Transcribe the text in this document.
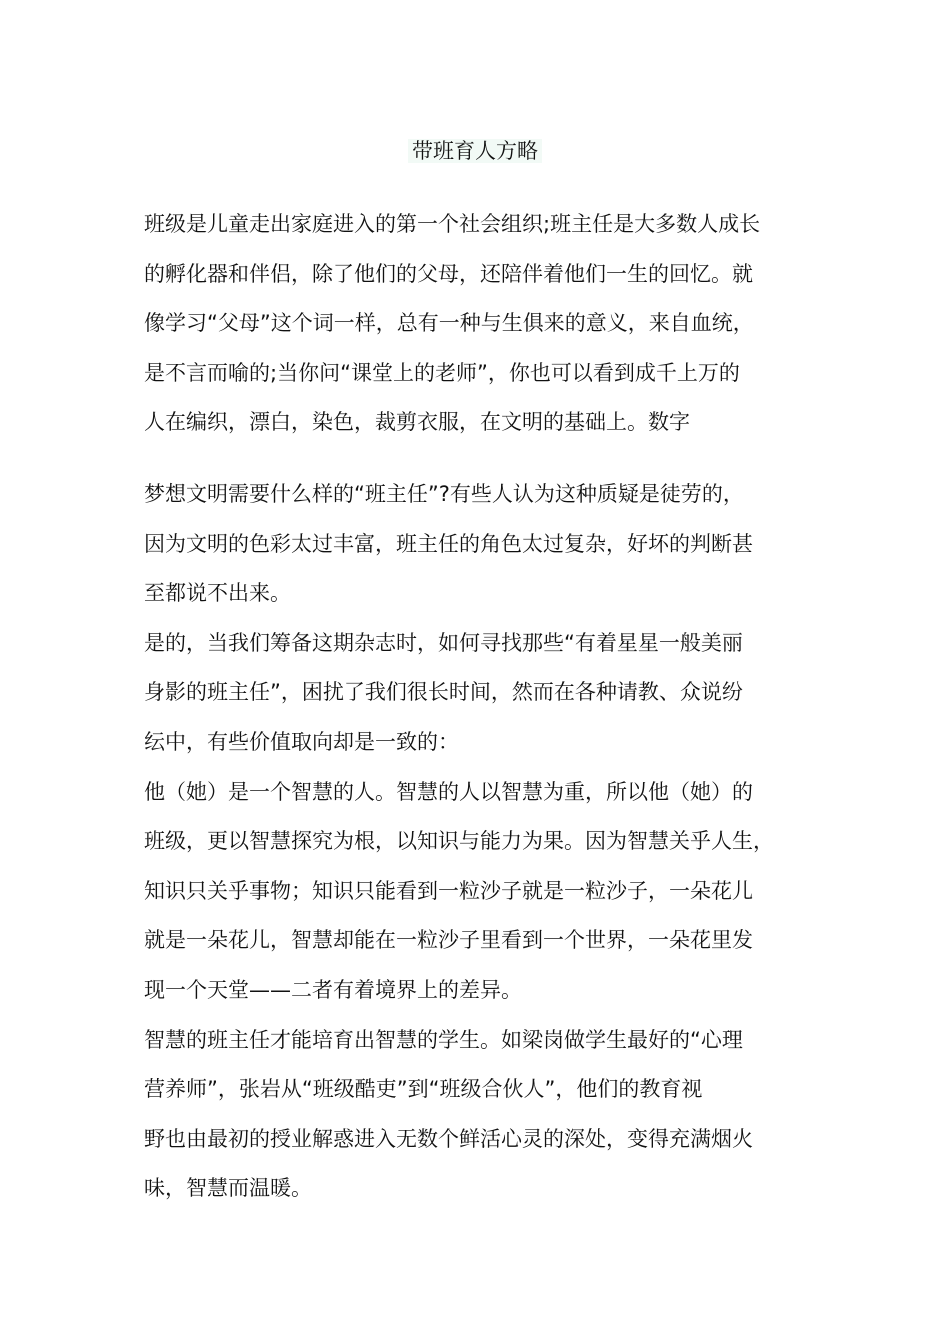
带班育人方略

班级是儿童走出家庭进入的第一个社会组织;班主任是大多数人成长
的孵化器和伴侣，除了他们的父母，还陪伴着他们一生的回忆。就
像学习“父母”这个词一样，总有一种与生俱来的意义，来自血统，
是不言而喻的;当你问“课堂上的老师”，你也可以看到成千上万的
人在编织，漂白，染色，裁剪衣服，在文明的基础上。数字

梦想文明需要什么样的“班主任”?有些人认为这种质疑是徒劳的，
因为文明的色彩太过丰富，班主任的角色太过复杂，好坏的判断甚
至都说不出来。

是的，当我们筹备这期杂志时，如何寻找那些“有着星星一般美丽
身影的班主任”，困扰了我们很长时间，然而在各种请教、众说纷
纭中，有些价值取向却是一致的：

他（她）是一个智慧的人。智慧的人以智慧为重，所以他（她）的
班级，更以智慧探究为根，以知识与能力为果。因为智慧关乎人生，
知识只关乎事物；知识只能看到一粒沙子就是一粒沙子，一朵花儿
就是一朵花儿，智慧却能在一粒沙子里看到一个世界，一朵花里发
现一个天堂——二者有着境界上的差异。

智慧的班主任才能培育出智慧的学生。如梁岗做学生最好的“心理
营养师”，张岩从“班级酷吏”到“班级合伙人”，他们的教育视
野也由最初的授业解惑进入无数个鲜活心灵的深处，变得充满烟火
味，智慧而温暖。
